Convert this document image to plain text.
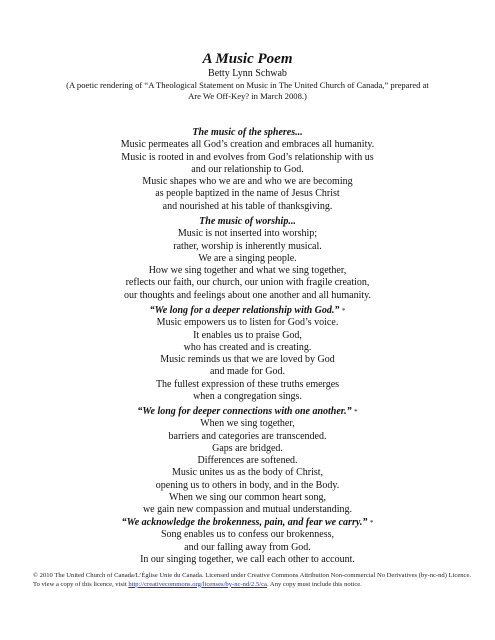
A Music Poem
Betty Lynn Schwab
(A poetic rendering of “A Theological Statement on Music in The United Church of Canada,” prepared at
Are We Off-Key? in March 2008.)
The music of the spheres...
Music permeates all God’s creation and embraces all humanity.
Music is rooted in and evolves from God’s relationship with us
and our relationship to God.
Music shapes who we are and who we are becoming
as people baptized in the name of Jesus Christ
and nourished at his table of thanksgiving.
The music of worship...
Music is not inserted into worship;
rather, worship is inherently musical.
We are a singing people.
How we sing together and what we sing together,
reflects our faith, our church, our union with fragile creation,
our thoughts and feelings about one another and all humanity.
“We long for a deeper relationship with God.” *
Music empowers us to listen for God’s voice.
It enables us to praise God,
who has created and is creating.
Music reminds us that we are loved by God
and made for God.
The fullest expression of these truths emerges
when a congregation sings.
“We long for deeper connections with one another.” *
When we sing together,
barriers and categories are transcended.
Gaps are bridged.
Differences are softened.
Music unites us as the body of Christ,
opening us to others in body, and in the Body.
When we sing our common heart song,
we gain new compassion and mutual understanding.
“We acknowledge the brokenness, pain, and fear we carry.” *
Song enables us to confess our brokenness,
and our falling away from God.
In our singing together, we call each other to account.
© 2010 The United Church of Canada/L’Église Unie du Canada. Licensed under Creative Commons Attribution Non-commercial No Derivatives (by-nc-nd) Licence. To view a copy of this licence, visit http://creativecommons.org/licenses/by-nc-nd/2.5/ca. Any copy must include this notice.
